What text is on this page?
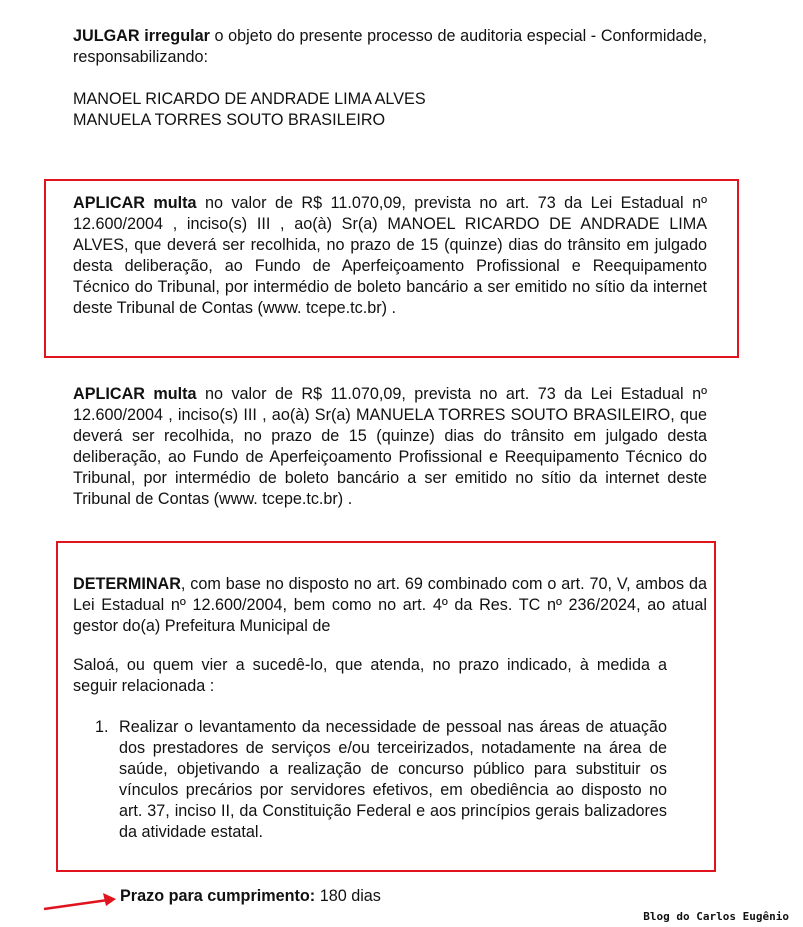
JULGAR irregular o objeto do presente processo de auditoria especial - Conformidade, responsabilizando:

MANOEL RICARDO DE ANDRADE LIMA ALVES

MANUELA TORRES SOUTO BRASILEIRO

APLICAR multa no valor de R$ 11.070,09, prevista no art. 73 da Lei Estadual nº 12.600/2004 , inciso(s) III , ao(à) Sr(a) MANOEL RICARDO DE ANDRADE LIMA ALVES, que deverá ser recolhida, no prazo de 15 (quinze) dias do trânsito em julgado desta deliberação, ao Fundo de Aperfeiçoamento Profissional e Reequipamento Técnico do Tribunal, por intermédio de boleto bancário a ser emitido no sítio da internet deste Tribunal de Contas (www. tcepe.tc.br) .

APLICAR multa no valor de R$ 11.070,09, prevista no art. 73 da Lei Estadual nº 12.600/2004 , inciso(s) III , ao(à) Sr(a) MANUELA TORRES SOUTO BRASILEIRO, que deverá ser recolhida, no prazo de 15 (quinze) dias do trânsito em julgado desta deliberação, ao Fundo de Aperfeiçoamento Profissional e Reequipamento Técnico do Tribunal, por intermédio de boleto bancário a ser emitido no sítio da internet deste Tribunal de Contas (www. tcepe.tc.br) .

DETERMINAR, com base no disposto no art. 69 combinado com o art. 70, V, ambos da Lei Estadual nº 12.600/2004, bem como no art. 4º da Res. TC nº 236/2024, ao atual gestor do(a) Prefeitura Municipal de

Saloá, ou quem vier a sucedê-lo, que atenda, no prazo indicado, à medida a seguir relacionada :

1. Realizar o levantamento da necessidade de pessoal nas áreas de atuação dos prestadores de serviços e/ou terceirizados, notadamente na área de saúde, objetivando a realização de concurso público para substituir os vínculos precários por servidores efetivos, em obediência ao disposto no art. 37, inciso II, da Constituição Federal e aos princípios gerais balizadores da atividade estatal.

Prazo para cumprimento: 180 dias
Blog do Carlos Eugênio
